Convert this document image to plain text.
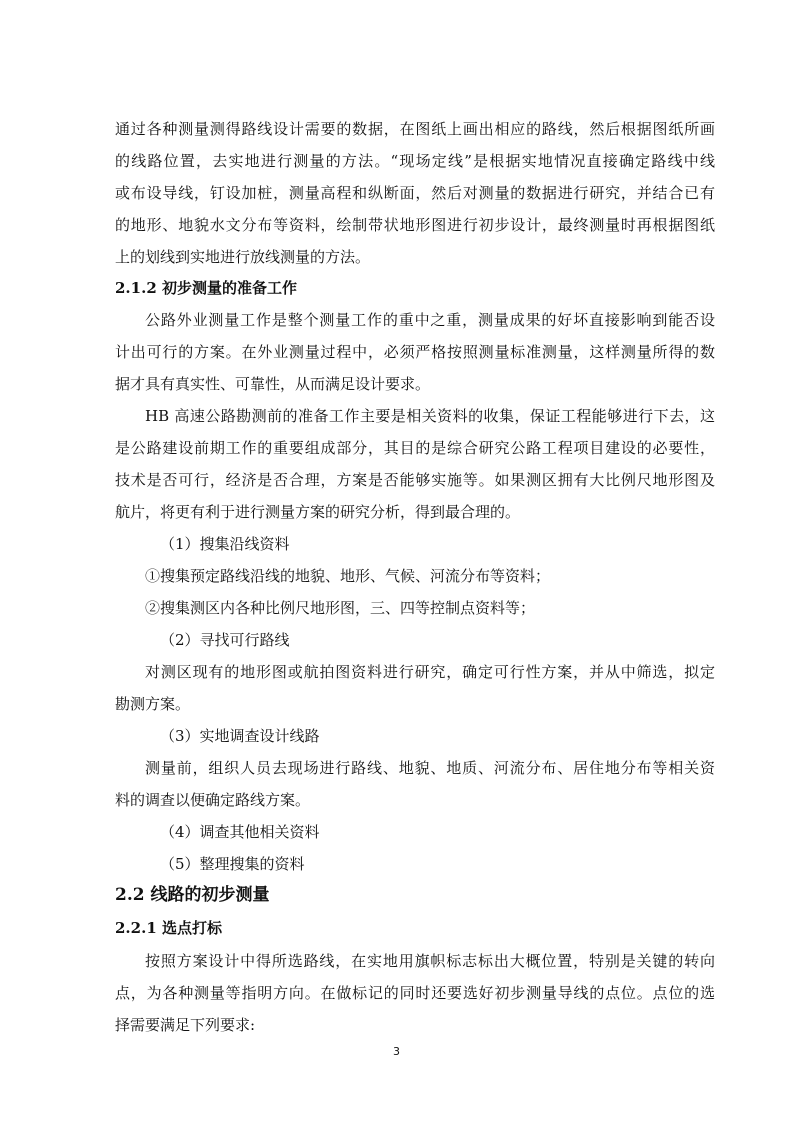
通过各种测量测得路线设计需要的数据，在图纸上画出相应的路线，然后根据图纸所画
的线路位置，去实地进行测量的方法。“现场定线”是根据实地情况直接确定路线中线
或布设导线，钉设加桩，测量高程和纵断面，然后对测量的数据进行研究，并结合已有
的地形、地貌水文分布等资料，绘制带状地形图进行初步设计，最终测量时再根据图纸
上的划线到实地进行放线测量的方法。
2.1.2 初步测量的准备工作
公路外业测量工作是整个测量工作的重中之重，测量成果的好坏直接影响到能否设
计出可行的方案。在外业测量过程中，必须严格按照测量标准测量，这样测量所得的数
据才具有真实性、可靠性，从而满足设计要求。
HB 高速公路勘测前的准备工作主要是相关资料的收集，保证工程能够进行下去，这
是公路建设前期工作的重要组成部分，其目的是综合研究公路工程项目建设的必要性，
技术是否可行，经济是否合理，方案是否能够实施等。如果测区拥有大比例尺地形图及
航片，将更有利于进行测量方案的研究分析，得到最合理的。
（1）搜集沿线资料
①搜集预定路线沿线的地貌、地形、气候、河流分布等资料；
②搜集测区内各种比例尺地形图，三、四等控制点资料等；
（2）寻找可行路线
对测区现有的地形图或航拍图资料进行研究，确定可行性方案，并从中筛选，拟定
勘测方案。
（3）实地调查设计线路
测量前，组织人员去现场进行路线、地貌、地质、河流分布、居住地分布等相关资
料的调查以便确定路线方案。
（4）调查其他相关资料
（5）整理搜集的资料
2.2 线路的初步测量
2.2.1 选点打标
按照方案设计中得所选路线，在实地用旗帜标志标出大概位置，特别是关键的转向
点，为各种测量等指明方向。在做标记的同时还要选好初步测量导线的点位。点位的选
择需要满足下列要求:
3
